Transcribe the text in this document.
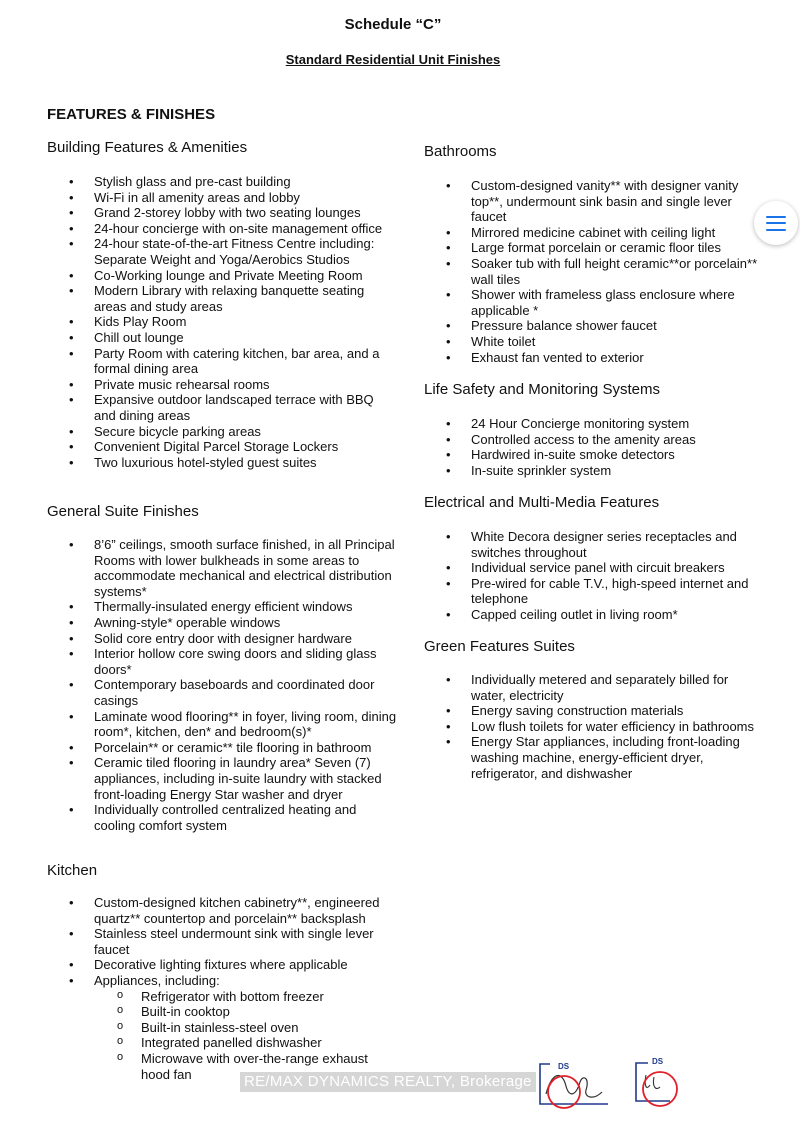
Schedule “C”
Standard Residential Unit Finishes
FEATURES & FINISHES
Building Features & Amenities
• Stylish glass and pre-cast building
• Wi-Fi in all amenity areas and lobby
• Grand 2-storey lobby with two seating lounges
• 24-hour concierge with on-site management office
• 24-hour state-of-the-art Fitness Centre including: Separate Weight and Yoga/Aerobics Studios
• Co-Working lounge and Private Meeting Room
• Modern Library with relaxing banquette seating areas and study areas
• Kids Play Room
• Chill out lounge
• Party Room with catering kitchen, bar area, and a formal dining area
• Private music rehearsal rooms
• Expansive outdoor landscaped terrace with BBQ and dining areas
• Secure bicycle parking areas
• Convenient Digital Parcel Storage Lockers
• Two luxurious hotel-styled guest suites
General Suite Finishes
• 8’6” ceilings, smooth surface finished, in all Principal Rooms with lower bulkheads in some areas to accommodate mechanical and electrical distribution systems*
• Thermally-insulated energy efficient windows
• Awning-style* operable windows
• Solid core entry door with designer hardware
• Interior hollow core swing doors and sliding glass doors*
• Contemporary baseboards and coordinated door casings
• Laminate wood flooring** in foyer, living room, dining room*, kitchen, den* and bedroom(s)*
• Porcelain** or ceramic** tile flooring in bathroom
• Ceramic tiled flooring in laundry area* Seven (7) appliances, including in-suite laundry with stacked front-loading Energy Star washer and dryer
• Individually controlled centralized heating and cooling comfort system
Kitchen
• Custom-designed kitchen cabinetry**, engineered quartz** countertop and porcelain** backsplash
• Stainless steel undermount sink with single lever faucet
• Decorative lighting fixtures where applicable
• Appliances, including:
o Refrigerator with bottom freezer
o Built-in cooktop
o Built-in stainless-steel oven
o Integrated panelled dishwasher
o Microwave with over-the-range exhaust hood fan
Bathrooms
• Custom-designed vanity** with designer vanity top**, undermount sink basin and single lever faucet
• Mirrored medicine cabinet with ceiling light
• Large format porcelain or ceramic floor tiles
• Soaker tub with full height ceramic**or porcelain** wall tiles
• Shower with frameless glass enclosure where applicable *
• Pressure balance shower faucet
• White toilet
• Exhaust fan vented to exterior
Life Safety and Monitoring Systems
• 24 Hour Concierge monitoring system
• Controlled access to the amenity areas
• Hardwired in-suite smoke detectors
• In-suite sprinkler system
Electrical and Multi-Media Features
• White Decora designer series receptacles and switches throughout
• Individual service panel with circuit breakers
• Pre-wired for cable T.V., high-speed internet and telephone
• Capped ceiling outlet in living room*
Green Features Suites
• Individually metered and separately billed for water, electricity
• Energy saving construction materials
• Low flush toilets for water efficiency in bathrooms
• Energy Star appliances, including front-loading washing machine, energy-efficient dryer, refrigerator, and dishwasher
DS
DS
RE/MAX DYNAMICS REALTY, Brokerage
